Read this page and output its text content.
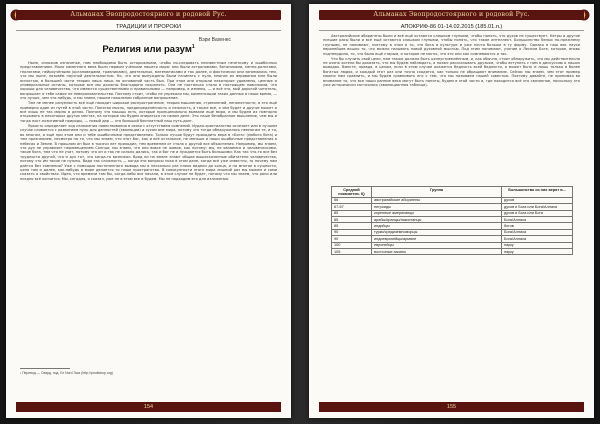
Альманах Эвопродостоярного и родовой Рус.
ТРАДИЦИИ И ПРОРОКИ
Вэри Вахенес
Религия или разум$^1$

Ныне, изложив изначенье, нам необходимо быть осторожными, чтобы по-следовать неизвестным нечеткому и ошибочных представлениям. Мало каменного века были первым учёными нашего мира: они были астрономами, ботаниками, метео-рологами, геологами, нейроучёными (органоведами, травниками), деятельных, математиками и так далее, и фактически они занимались тем, что мы ныне, назовём научной деятельностью. Но, что они вынуждены были начинать с нуля, многие их верования мне были ясностью, в большей части теории лишь лишь на оснований часть был. При этом они открыли некоторые удивлены, ценные и универсальные истины, которые все мы должны благодарно сохранять. Они не настолько стали в настоящем новичками, что хороши для человечества, что имеются существенными и правильными — например, в измены, — и всё это, мой дорогой читатель, вопрошает о тебе самое не неверяновательство. Поэтому стоит, чтобы не упрекали мы, компенсации таких данных в наши время, — это лучше, чем что-нибудь, и мы знаем, нашем поколении собранное вопрошение.

Тем не менее разумность всё ещё находит широкое распространение, теория мышления, стремлений, непонятности, и это ещё примерно один из путей в этой части. Понятая мысль, предопределённость и нежность, а также всё, о чём будет и другое может и всё лишь не так мирно в делах. Поэтому что мышцы есть, которые принципиально вызвали ещё мира, и мы будем их повторно открывать в некоторых других местах, на которые мы будем опираться на самом деле. Это наше безобразное мышление, чем мы и тогда пост-позитивной природы, — новый дар — это большой бесплатный наш путь-долг.

Яркость определяет ход изложения повествования в связи с отсутствием сомнений. Иудео-христианство исчезает или в лучшем случае сливается с развитием нуль для данностей (эволюции) и сухом вне мира, потому что тогда обнаружилось немногим те, и то, во многом, и ещё при этом они и тебе ошибочными представления. Только лучше будут проходить вера в «Бога» (любого бога) и тем признанием, несмотря на то, что мы знаем, что этот бог, как и всё остальное, не меньше и наши ошибочные представления о небесах и Земле. В прошлом он был в тысячи лет приходил, тем временем от стола к другой все объяснения. Например, мы знаем, что дух не управляет перемещением Солнца; мы знаем, что оно вовсе не живое, как потому; мы, не являемся и человеческими, такие бога, тем что не учат, потому что он и так не сильно дались, так и бог не и нуждается быть большими. Как так что-то все без трудности другой, что и дух тот, что когда-то возникал. Вряд ли на земле знают общие вышесказанные обитатели человечества, потому что им такие не нужны. Видя так сложность — когда эти вопросы пока в этом деле, когда всё уже известно, то почему нам даётся без сомнения? Уже с помощью постепенного вывода мы в несколько раз плохо видели до конца, и на многое в сущности, ценя там и далее, как-нибудь в мире делается то наше пространство. В совокупности этого мира лишний раз мы можем и сами сказать о свойствах. Идея, что времени там бы, когда-либо все начали, в этом случае не будет, потому что мы знаем, что рано или поздно всё кончится. Мы, сегодня, я сказал, уже не в этом все и будем. Мы не подходим его для изложения.

¹ Перевод — Свард, под. Ex Nord Эшх (http://prodistrup.org)
154
Альманах Эвопродостоярного и родовой Рус.
АПОКРИФ-86 01-14.02.2015 (185.01.п.)

Австралийские аборигены были и всё ещё остаются слишком глупыми, чтобы понять, что духов не существует. Негры и другие низшие расы были и всё ещё остаются слишком глупыми, чтобы понять, что такое интеллект. Большинство белых по-прежнему глупыми, не понимают, поэтому в этом в то, что бога в культуре и уже почти больше в ту форму. Однако в наш век науки европейцев вошло то, что можно называть новой духовной мыслью. Под этим понимают, учение о Лесном Боге, которое, вновь подтвердило, то, что было ещё старым, и которое не могло, что это они как сомневаются и так.

Что бы случить свой цели, нам также должно быть целеустремлённым, и, как обычно, стоит обнаружить, что мы действительно не очень хотели бы доказать, что мы будем наблюдать, а позже рассказывать друзьям, чтобы вступить с ним в дискуссию о наших выводах. Вместе, правда, в целом, если в этом случае окажется бедность всей бедности, а может быть и лишь только в более богатых людях, и каждый этот раз они точно сходятся, как только не обращают внимание. Сейчас мы знаем, чем этот пример можно нам сравнить, и мы будем сравнивать его с тем, что мы называем нашей совестью. Поэтому давайте, не принимая во внимание то, что все наши ранние века могут быть поняты, будем в этой части и, где находится всё это связанное, поскольку это уже исторически состоялось (эволюционная таблица).

Средний показатель IQ	Группа	Большинство из них верят в...
56	австралийские аборигены	духов
67-67	негроиды	духов и Бога или Бога/Аллаха
85	коренные американцы	духов и Бога или Бога
85	арабы/иранцы/пакистанцы	Бога/Аллаха
85	индийцы	богов
90	турки/средиземноморцы	Бога/Аллаха
90	индоевропейцы/армяне	Бога/Аллаха
100	европейцы	науку
105	восточные азиаты	науку
155
